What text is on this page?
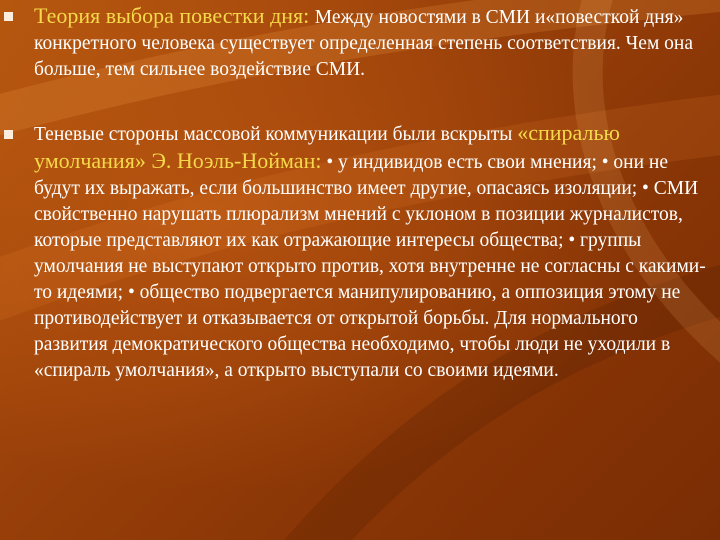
Теория выбора повестки дня: Между новостями в СМИ и«повесткой дня» конкретного человека существует определенная степень соответствия. Чем она больше, тем сильнее воздействие СМИ.
Теневые стороны массовой коммуникации были вскрыты «спиралью умолчания» Э. Ноэль-Нойман: • у индивидов есть свои мнения; • они не будут их выражать, если большинство имеет другие, опасаясь изоляции; • СМИ свойственно нарушать плюрализм мнений с уклоном в позиции журналистов, которые представляют их как отражающие интересы общества; • группы умолчания не выступают открыто против, хотя внутренне не согласны с какими-то идеями; • общество подвергается манипулированию, а оппозиция этому не противодействует и отказывается от открытой борьбы. Для нормального развития демократического общества необходимо, чтобы люди не уходили в «спираль умолчания», а открыто выступали со своими идеями.
